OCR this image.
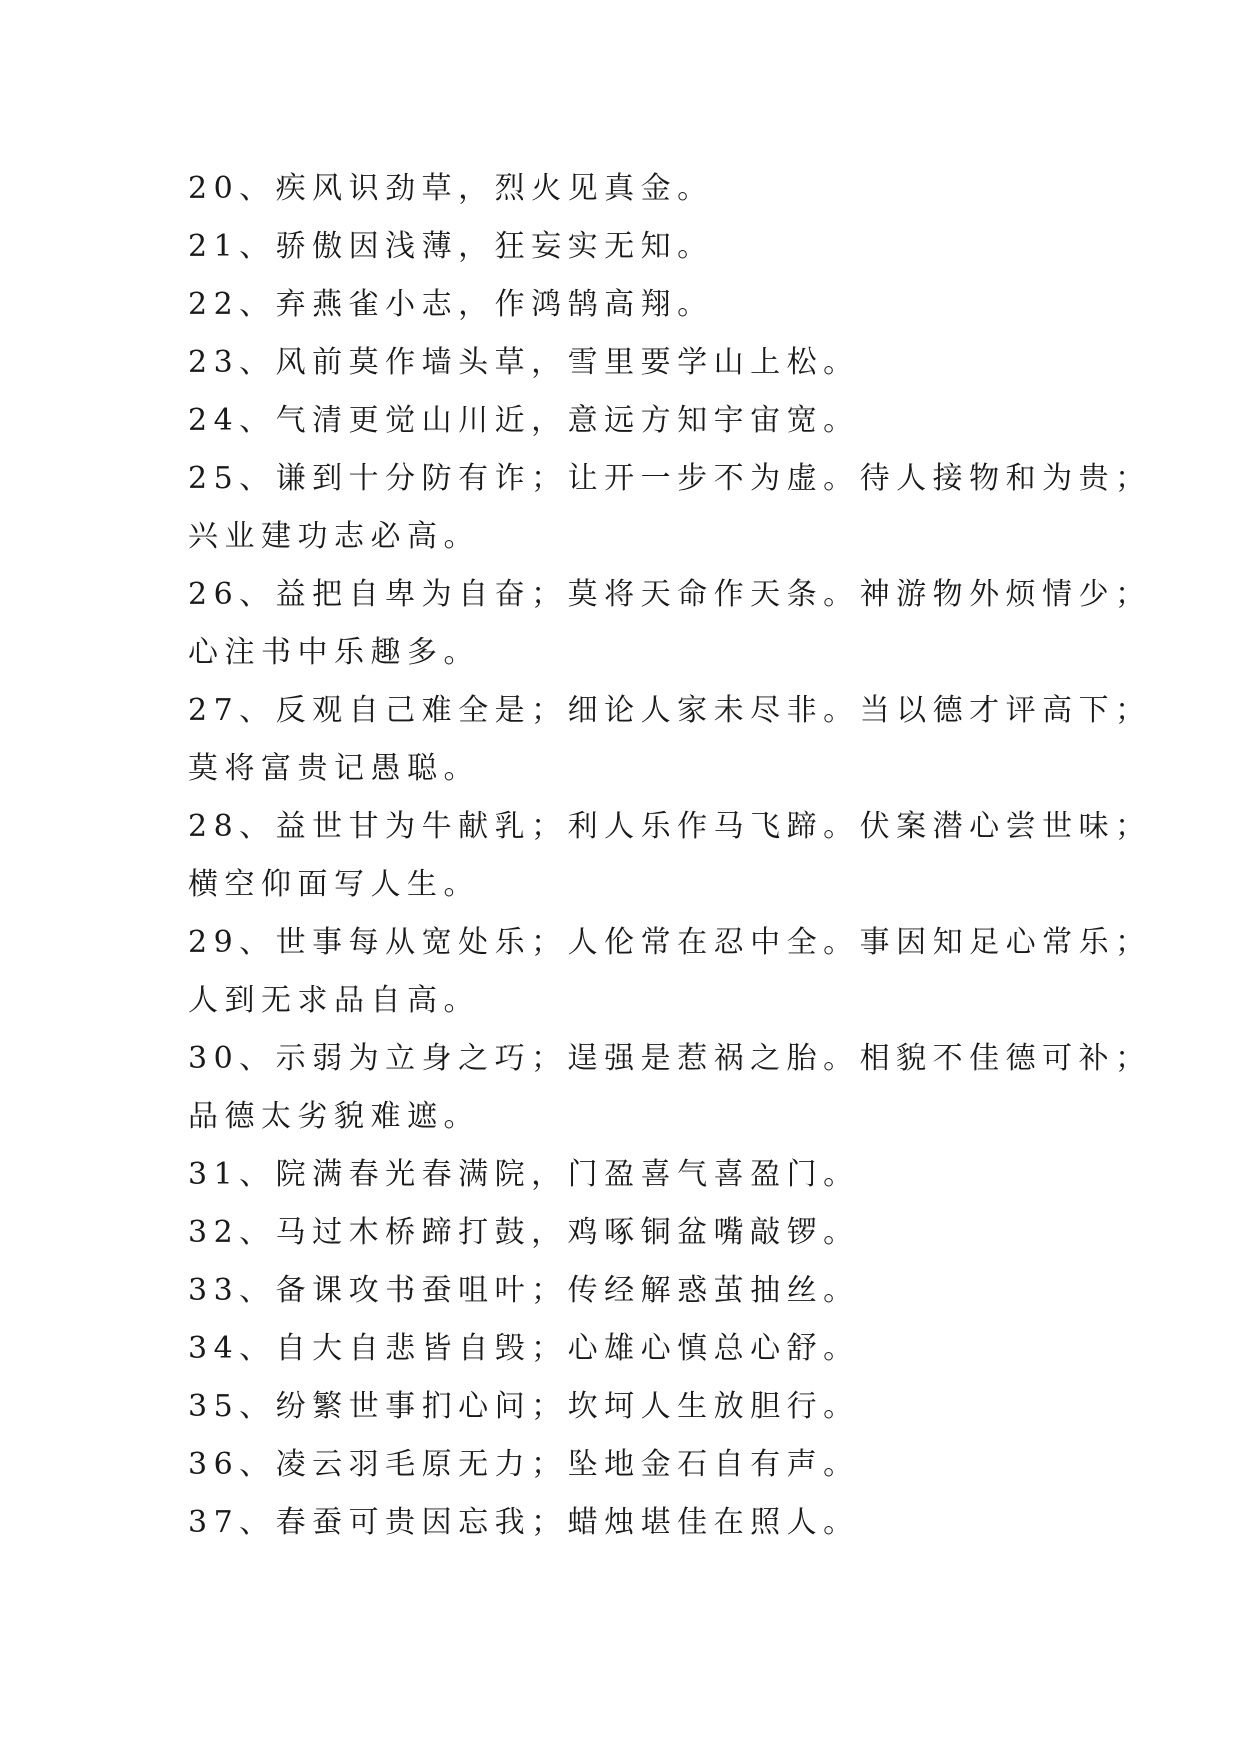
20、疾风识劲草，烈火见真金。
21、骄傲因浅薄，狂妄实无知。
22、弃燕雀小志，作鸿鹄高翔。
23、风前莫作墙头草，雪里要学山上松。
24、气清更觉山川近，意远方知宇宙宽。
25、谦到十分防有诈；让开一步不为虚。待人接物和为贵；
兴业建功志必高。
26、益把自卑为自奋；莫将天命作天条。神游物外烦情少；
心注书中乐趣多。
27、反观自己难全是；细论人家未尽非。当以德才评高下；
莫将富贵记愚聪。
28、益世甘为牛献乳；利人乐作马飞蹄。伏案潜心尝世味；
横空仰面写人生。
29、世事每从宽处乐；人伦常在忍中全。事因知足心常乐；
人到无求品自高。
30、示弱为立身之巧；逞强是惹祸之胎。相貌不佳德可补；
品德太劣貌难遮。
31、院满春光春满院，门盈喜气喜盈门。
32、马过木桥蹄打鼓，鸡啄铜盆嘴敲锣。
33、备课攻书蚕咀叶；传经解惑茧抽丝。
34、自大自悲皆自毁；心雄心慎总心舒。
35、纷繁世事扪心问；坎坷人生放胆行。
36、凌云羽毛原无力；坠地金石自有声。
37、春蚕可贵因忘我；蜡烛堪佳在照人。
